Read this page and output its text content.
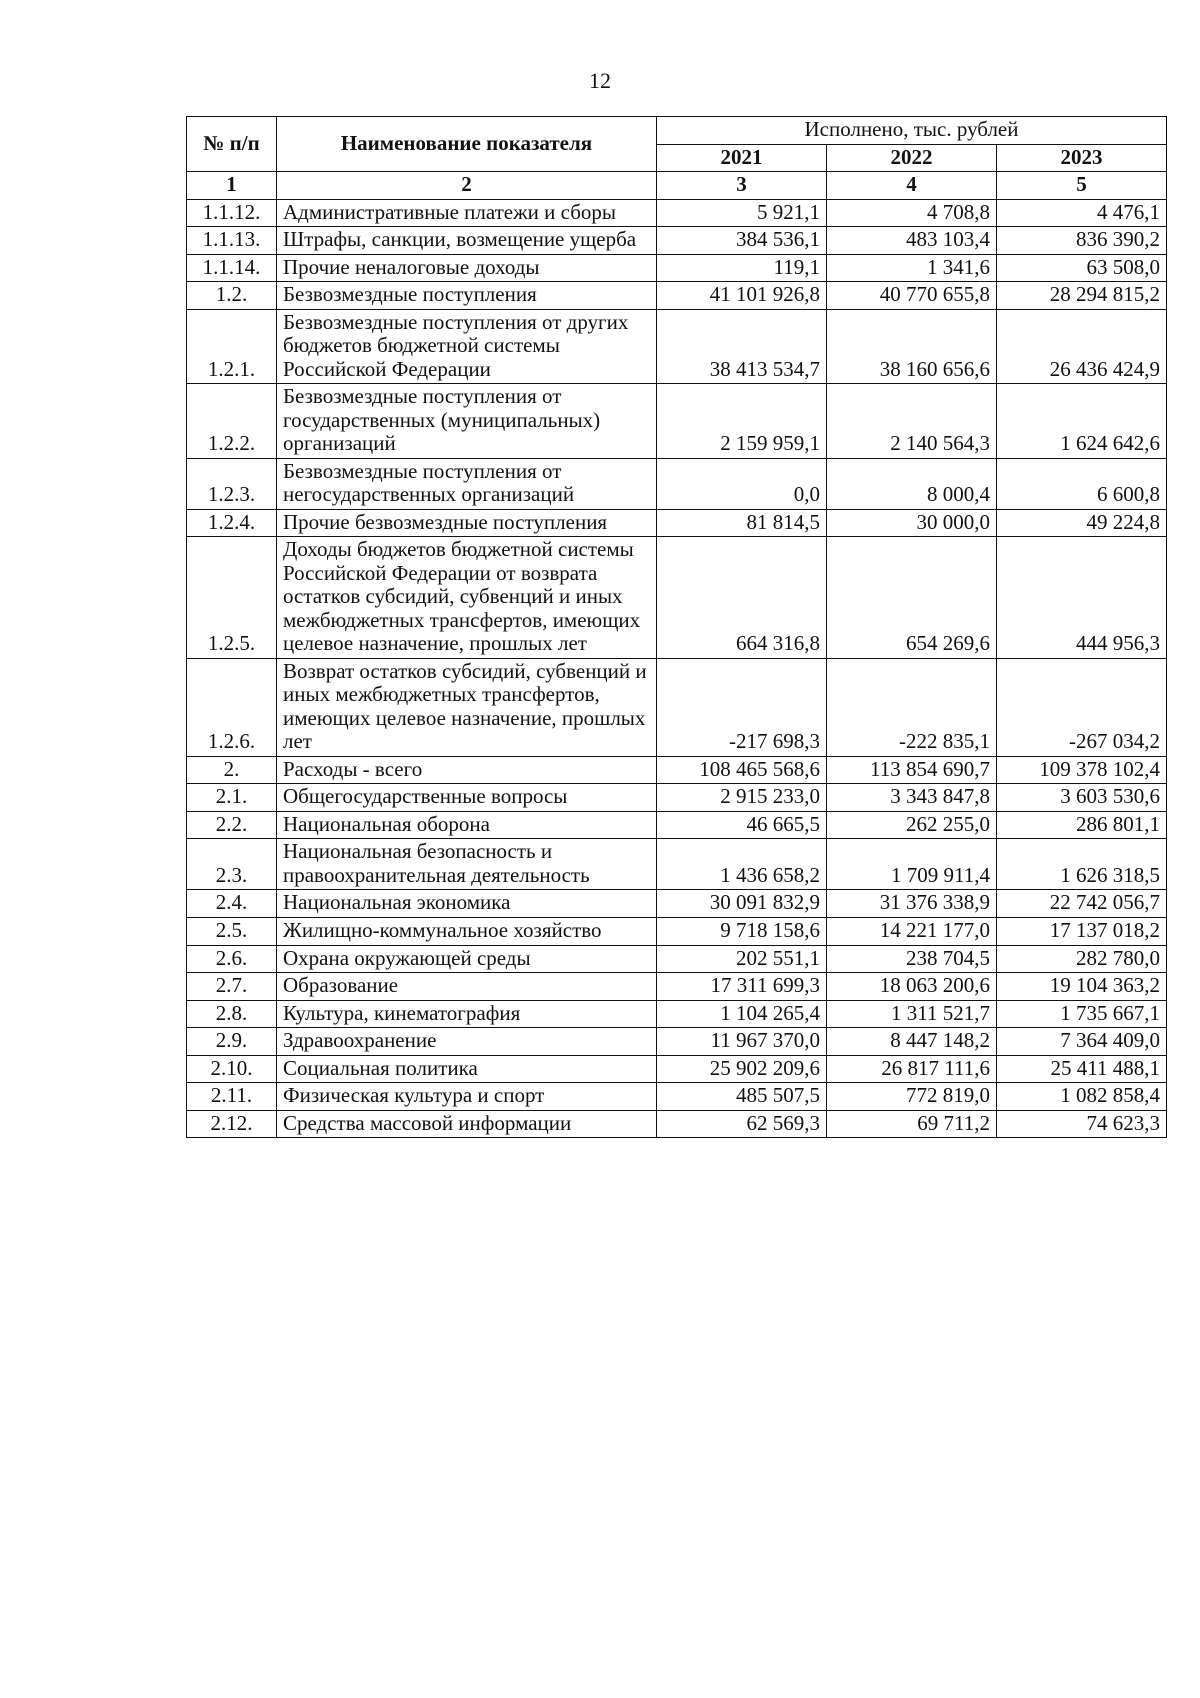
12
№ п/п	Наименование показателя	Исполнено, тыс. рублей		
		2021	2022	2023
1	2	3	4	5
1.1.12.	Административные платежи и сборы	5 921,1	4 708,8	4 476,1
1.1.13.	Штрафы, санкции, возмещение ущерба	384 536,1	483 103,4	836 390,2
1.1.14.	Прочие неналоговые доходы	119,1	1 341,6	63 508,0
1.2.	Безвозмездные поступления	41 101 926,8	40 770 655,8	28 294 815,2
1.2.1.	Безвозмездные поступления от других бюджетов бюджетной системы Российской Федерации	38 413 534,7	38 160 656,6	26 436 424,9
1.2.2.	Безвозмездные поступления от государственных (муниципальных) организаций	2 159 959,1	2 140 564,3	1 624 642,6
1.2.3.	Безвозмездные поступления от негосударственных организаций	0,0	8 000,4	6 600,8
1.2.4.	Прочие безвозмездные поступления	81 814,5	30 000,0	49 224,8
1.2.5.	Доходы бюджетов бюджетной системы Российской Федерации от возврата остатков субсидий, субвенций и иных межбюджетных трансфертов, имеющих целевое назначение, прошлых лет	664 316,8	654 269,6	444 956,3
1.2.6.	Возврат остатков субсидий, субвенций и иных межбюджетных трансфертов, имеющих целевое назначение, прошлых лет	-217 698,3	-222 835,1	-267 034,2
2.	Расходы - всего	108 465 568,6	113 854 690,7	109 378 102,4
2.1.	Общегосударственные вопросы	2 915 233,0	3 343 847,8	3 603 530,6
2.2.	Национальная оборона	46 665,5	262 255,0	286 801,1
2.3.	Национальная безопасность и правоохранительная деятельность	1 436 658,2	1 709 911,4	1 626 318,5
2.4.	Национальная экономика	30 091 832,9	31 376 338,9	22 742 056,7
2.5.	Жилищно-коммунальное хозяйство	9 718 158,6	14 221 177,0	17 137 018,2
2.6.	Охрана окружающей среды	202 551,1	238 704,5	282 780,0
2.7.	Образование	17 311 699,3	18 063 200,6	19 104 363,2
2.8.	Культура, кинематография	1 104 265,4	1 311 521,7	1 735 667,1
2.9.	Здравоохранение	11 967 370,0	8 447 148,2	7 364 409,0
2.10.	Социальная политика	25 902 209,6	26 817 111,6	25 411 488,1
2.11.	Физическая культура и спорт	485 507,5	772 819,0	1 082 858,4
2.12.	Средства массовой информации	62 569,3	69 711,2	74 623,3
